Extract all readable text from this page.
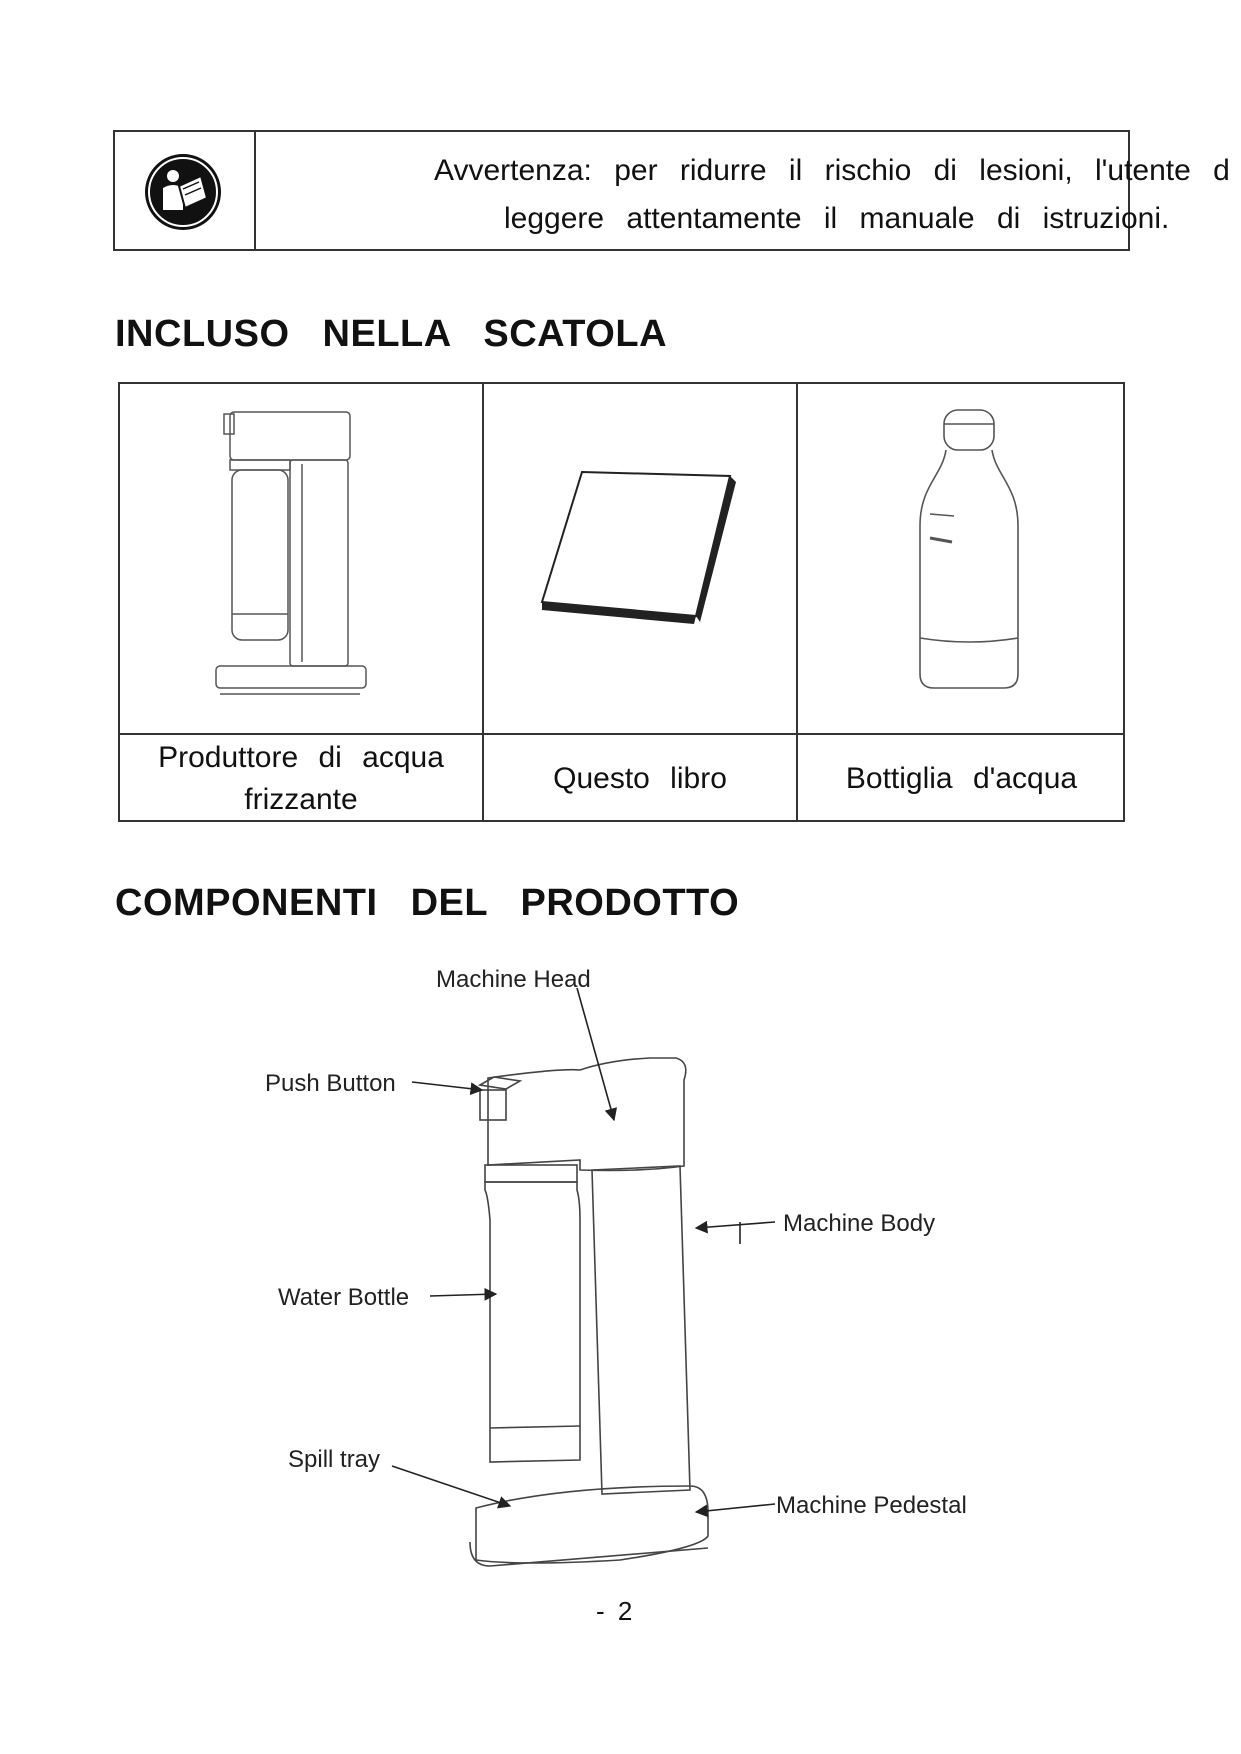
Avvertenza: per ridurre il rischio di lesioni, l'utente d
leggere attentamente il manuale di istruzioni.
INCLUSO NELLA SCATOLA
Produttore di acqua frizzante
Questo libro	Bottiglia d'acqua
COMPONENTI DEL PRODOTTO
Machine Head
Push Button
Machine Body
Water Bottle
Spill tray
Machine Pedestal
- 2
